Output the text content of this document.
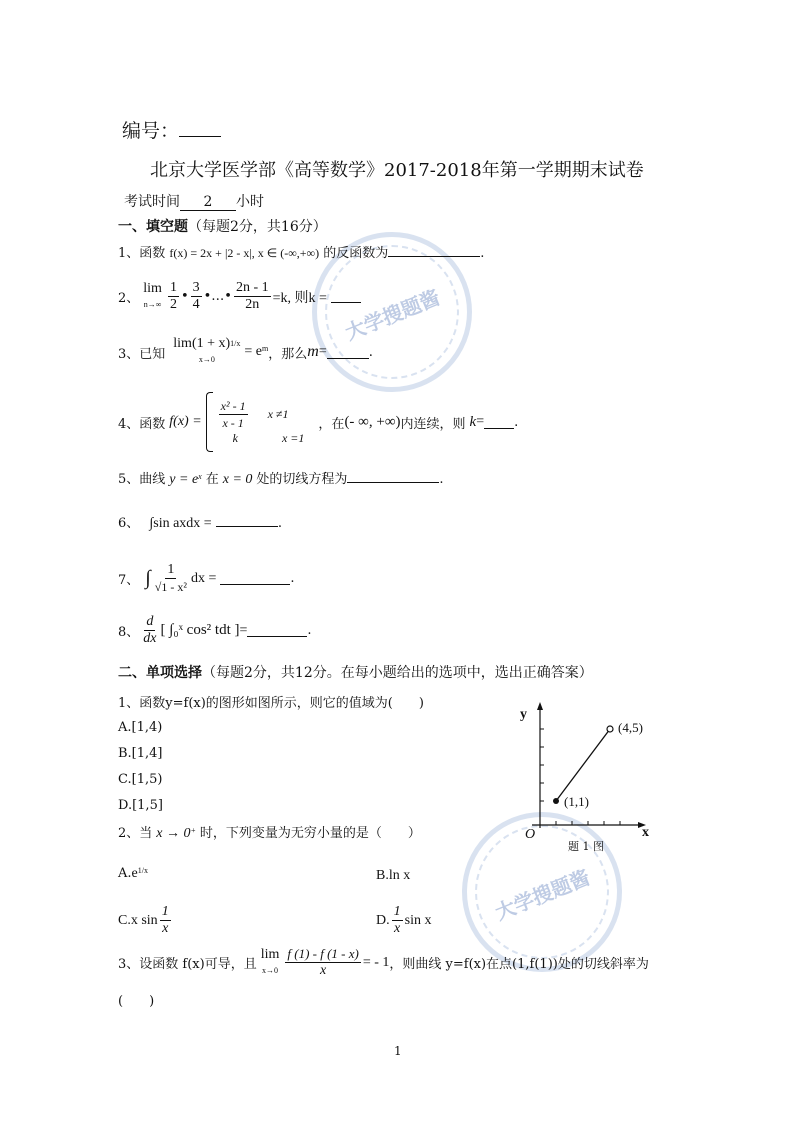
大学搜题酱
大学搜题酱
编号：
北京大学医学部《高等数学》2017-2018年第一学期期末试卷
考试时间 2 小时
一、填空题（每题2分，共16分）
1、函数 f(x) = 2x + |2 - x|, x ∈ (-∞,+∞) 的反函数为	.
2、
lim
$n\to\infty \frac{1}{2}$ • $\frac{3}{4}$ •…• $\frac{2n - 1}{2n} =k$, 则k =
3、已知
$\lim(1 + x)^{1/x}$
x→0
= $e^m$ ，那么 m =	.
4、函数 $f(x) = \frac{\text{x² - 1}}{x - 1}$ x ≠1
k	x =1
，在 (- ∞, +∞) 内连续，则 k = .
5、曲线 $y = e^x$ 在 x = 0 处的切线方程为	.
6、 ∫sin axdx =	.
7、 ∫ $\frac{1}{\text{√1 - x²}}$ dx =	.
8、 $\frac{d}{dx}$ [ ∫₀ˣ cos² tdt ] =	.
二、单项选择（每题2分，共12分。在每小题给出的选项中，选出正确答案）
1、函数y=f(x)的图形如图所示，则它的值域为(　　)
A.[1,4)
B.[1,4]
C.[1,5)
D.[1,5]
y
x
O
(1,1)
(4,5)
题 1 图
2、当 x → 0+ 时，下列变量为无穷小量的是（　　）
$A.e^{1/x}$	B.ln x
C.x $\sin \frac{1}{x}$	D. $\frac{1}{x}$ sin x
3、设函数 f(x)可导，且
lim
$x\to 0 \frac{f (1) - f (1 - x)}{x}$ = - 1 ，则曲线 y=f(x)在点(1,f(1))处的切线斜率为
(　　)
1
